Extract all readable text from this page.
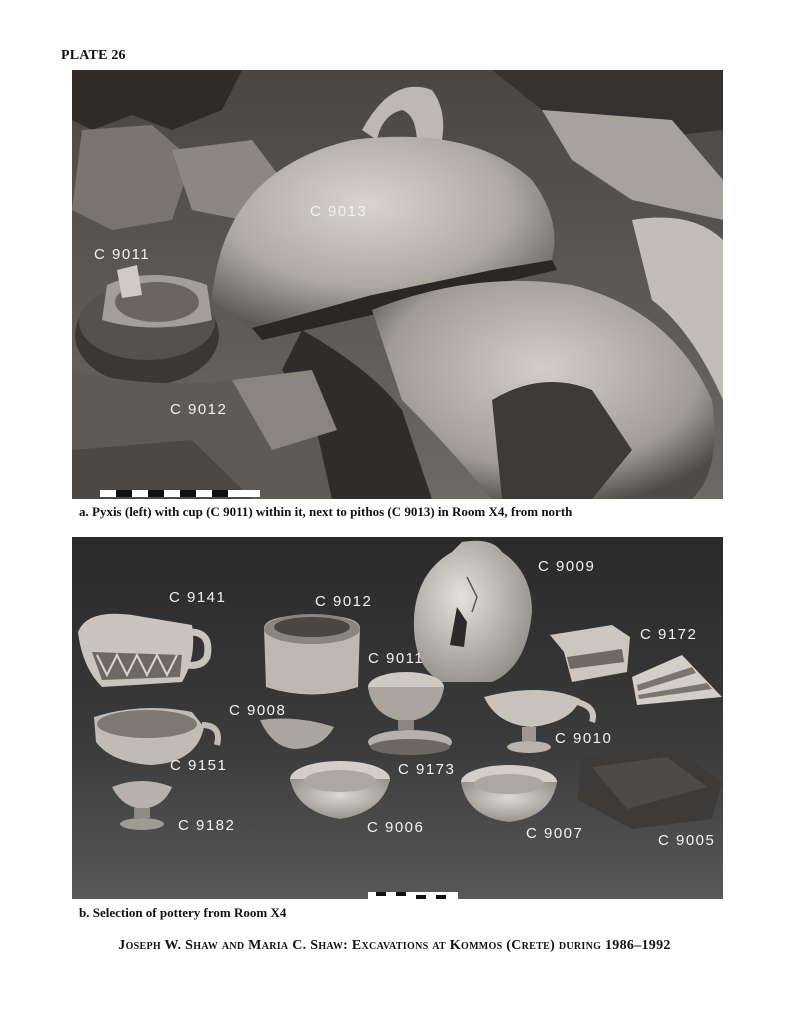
PLATE 26
C 9013
C 9011
C 9012
a. Pyxis (left) with cup (C 9011) within it, next to pithos (C 9013) in Room X4, from north
C 9141	C 9012
C 9009
C 9172
C 9011
C 9008
C 9010
C 9151	C 9173
C 9182	C 9006	C 9007	C 9005
b. Selection of pottery from Room X4
Joseph W. Shaw and Maria C. Shaw: Excavations at Kommos (Crete) during 1986–1992
